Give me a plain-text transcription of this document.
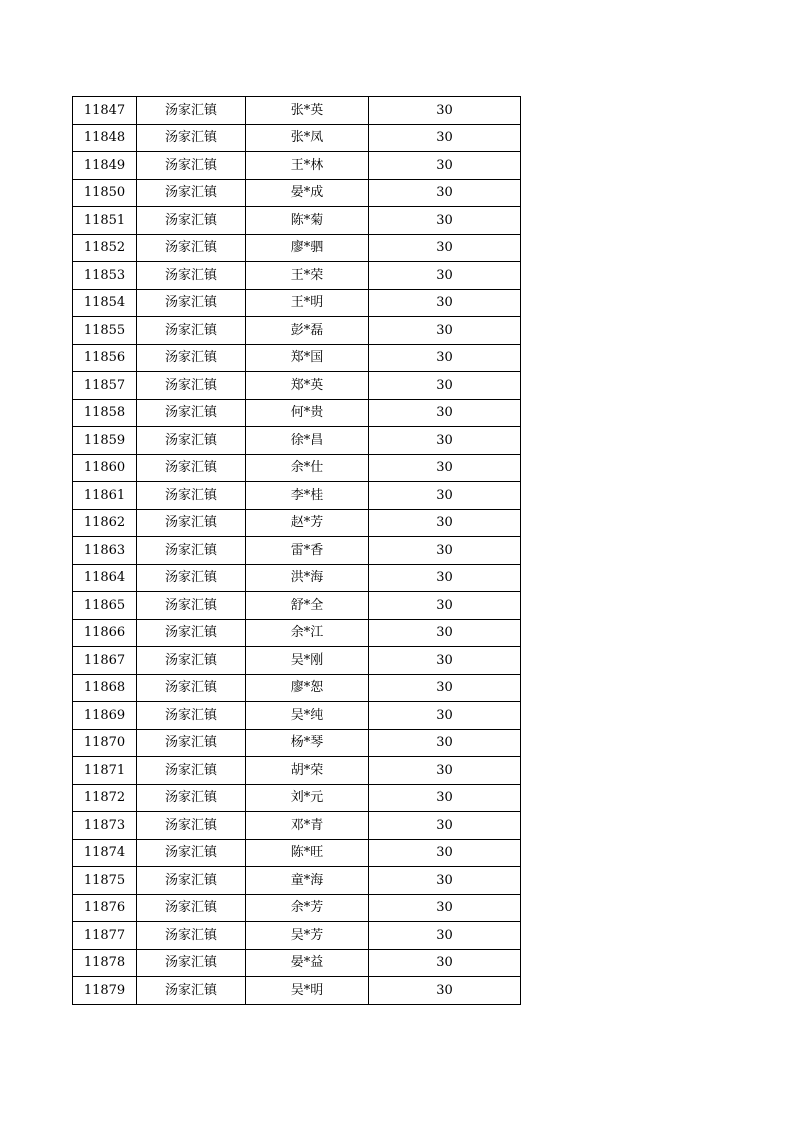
11847	汤家汇镇	张*英	30
11848	汤家汇镇	张*凤	30
11849	汤家汇镇	王*林	30
11850	汤家汇镇	晏*成	30
11851	汤家汇镇	陈*菊	30
11852	汤家汇镇	廖*驷	30
11853	汤家汇镇	王*荣	30
11854	汤家汇镇	王*明	30
11855	汤家汇镇	彭*磊	30
11856	汤家汇镇	郑*国	30
11857	汤家汇镇	郑*英	30
11858	汤家汇镇	何*贵	30
11859	汤家汇镇	徐*昌	30
11860	汤家汇镇	余*仕	30
11861	汤家汇镇	李*桂	30
11862	汤家汇镇	赵*芳	30
11863	汤家汇镇	雷*香	30
11864	汤家汇镇	洪*海	30
11865	汤家汇镇	舒*全	30
11866	汤家汇镇	余*江	30
11867	汤家汇镇	吴*刚	30
11868	汤家汇镇	廖*恕	30
11869	汤家汇镇	吴*纯	30
11870	汤家汇镇	杨*琴	30
11871	汤家汇镇	胡*荣	30
11872	汤家汇镇	刘*元	30
11873	汤家汇镇	邓*青	30
11874	汤家汇镇	陈*旺	30
11875	汤家汇镇	童*海	30
11876	汤家汇镇	余*芳	30
11877	汤家汇镇	吴*芳	30
11878	汤家汇镇	晏*益	30
11879	汤家汇镇	吴*明	30
